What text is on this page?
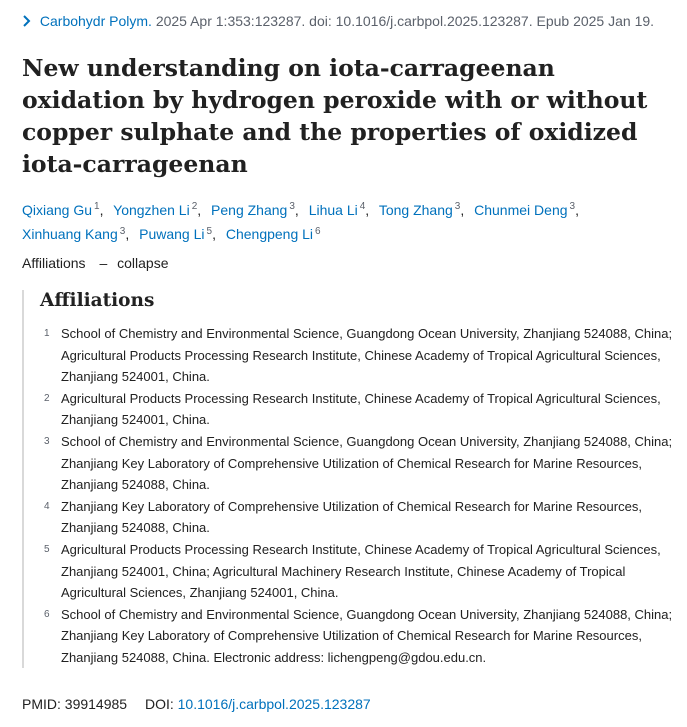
Carbohydr Polym. 2025 Apr 1:353:123287. doi: 10.1016/j.carbpol.2025.123287. Epub 2025 Jan 19.
New understanding on iota-carrageenan oxidation by hydrogen peroxide with or without copper sulphate and the properties of oxidized iota-carrageenan
Qixiang Gu $^1$, Yongzhen Li $^2$, Peng Zhang $^3$, Lihua Li $^4$, Tong Zhang $^3$, Chunmei Deng $^3$,
Xinhuang Kang $^3$, Puwang Li $^5$, Chengpeng Li $^6$
Affiliations – collapse
Affiliations
1 School of Chemistry and Environmental Science, Guangdong Ocean University, Zhanjiang 524088, China; Agricultural Products Processing Research Institute, Chinese Academy of Tropical Agricultural Sciences, Zhanjiang 524001, China.
2 Agricultural Products Processing Research Institute, Chinese Academy of Tropical Agricultural Sciences, Zhanjiang 524001, China.
3 School of Chemistry and Environmental Science, Guangdong Ocean University, Zhanjiang 524088, China; Zhanjiang Key Laboratory of Comprehensive Utilization of Chemical Research for Marine Resources, Zhanjiang 524088, China.
4 Zhanjiang Key Laboratory of Comprehensive Utilization of Chemical Research for Marine Resources, Zhanjiang 524088, China.
5 Agricultural Products Processing Research Institute, Chinese Academy of Tropical Agricultural Sciences, Zhanjiang 524001, China; Agricultural Machinery Research Institute, Chinese Academy of Tropical Agricultural Sciences, Zhanjiang 524001, China.
6 School of Chemistry and Environmental Science, Guangdong Ocean University, Zhanjiang 524088, China; Zhanjiang Key Laboratory of Comprehensive Utilization of Chemical Research for Marine Resources, Zhanjiang 524088, China. Electronic address: lichengpeng@gdou.edu.cn.
PMID: 39914985 DOI: 10.1016/j.carbpol.2025.123287
